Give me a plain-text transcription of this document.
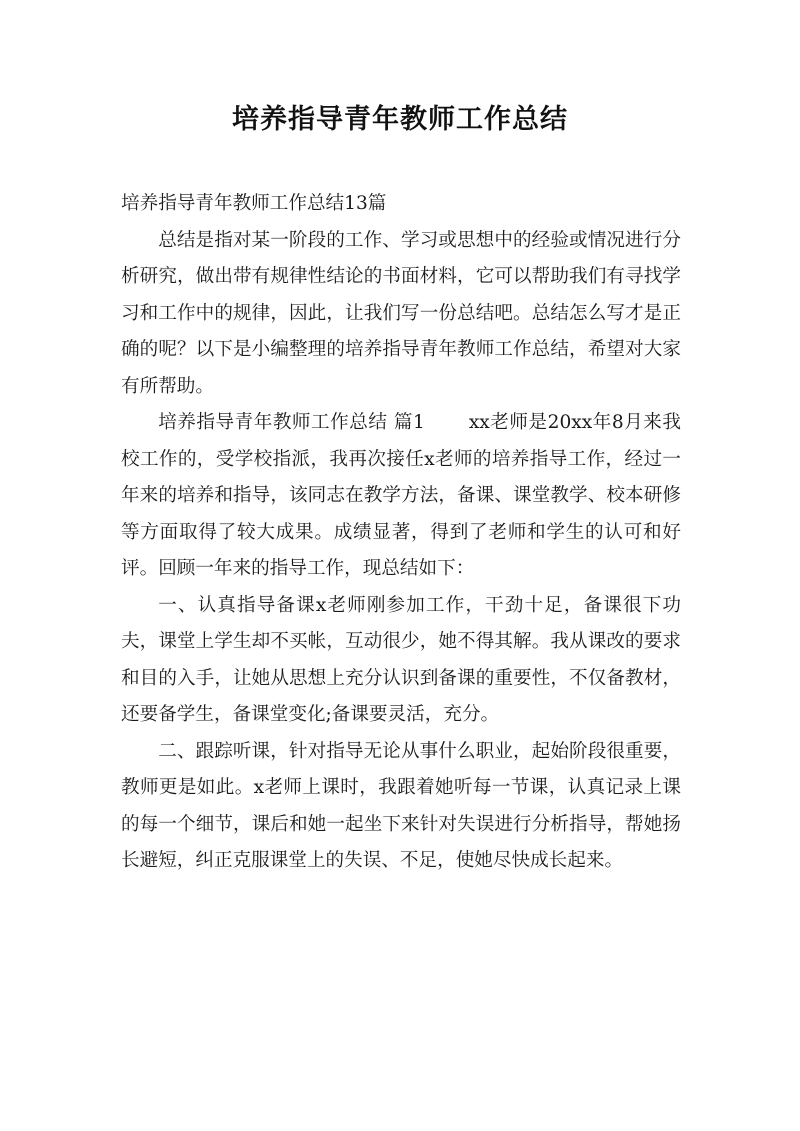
培养指导青年教师工作总结

培养指导青年教师工作总结13篇

总结是指对某一阶段的工作、学习或思想中的经验或情况进行分析研究，做出带有规律性结论的书面材料，它可以帮助我们有寻找学习和工作中的规律，因此，让我们写一份总结吧。总结怎么写才是正确的呢？以下是小编整理的培养指导青年教师工作总结，希望对大家有所帮助。

培养指导青年教师工作总结 篇1 xx老师是20xx年8月来我校工作的，受学校指派，我再次接任x老师的培养指导工作，经过一年来的培养和指导，该同志在教学方法，备课、课堂教学、校本研修等方面取得了较大成果。成绩显著，得到了老师和学生的认可和好评。回顾一年来的指导工作，现总结如下：

一、认真指导备课x老师刚参加工作，干劲十足，备课很下功夫，课堂上学生却不买帐，互动很少，她不得其解。我从课改的要求和目的入手，让她从思想上充分认识到备课的重要性，不仅备教材，还要备学生，备课堂变化;备课要灵活，充分。

二、跟踪听课，针对指导无论从事什么职业，起始阶段很重要，教师更是如此。x老师上课时，我跟着她听每一节课，认真记录上课的每一个细节，课后和她一起坐下来针对失误进行分析指导，帮她扬长避短，纠正克服课堂上的失误、不足，使她尽快成长起来。
